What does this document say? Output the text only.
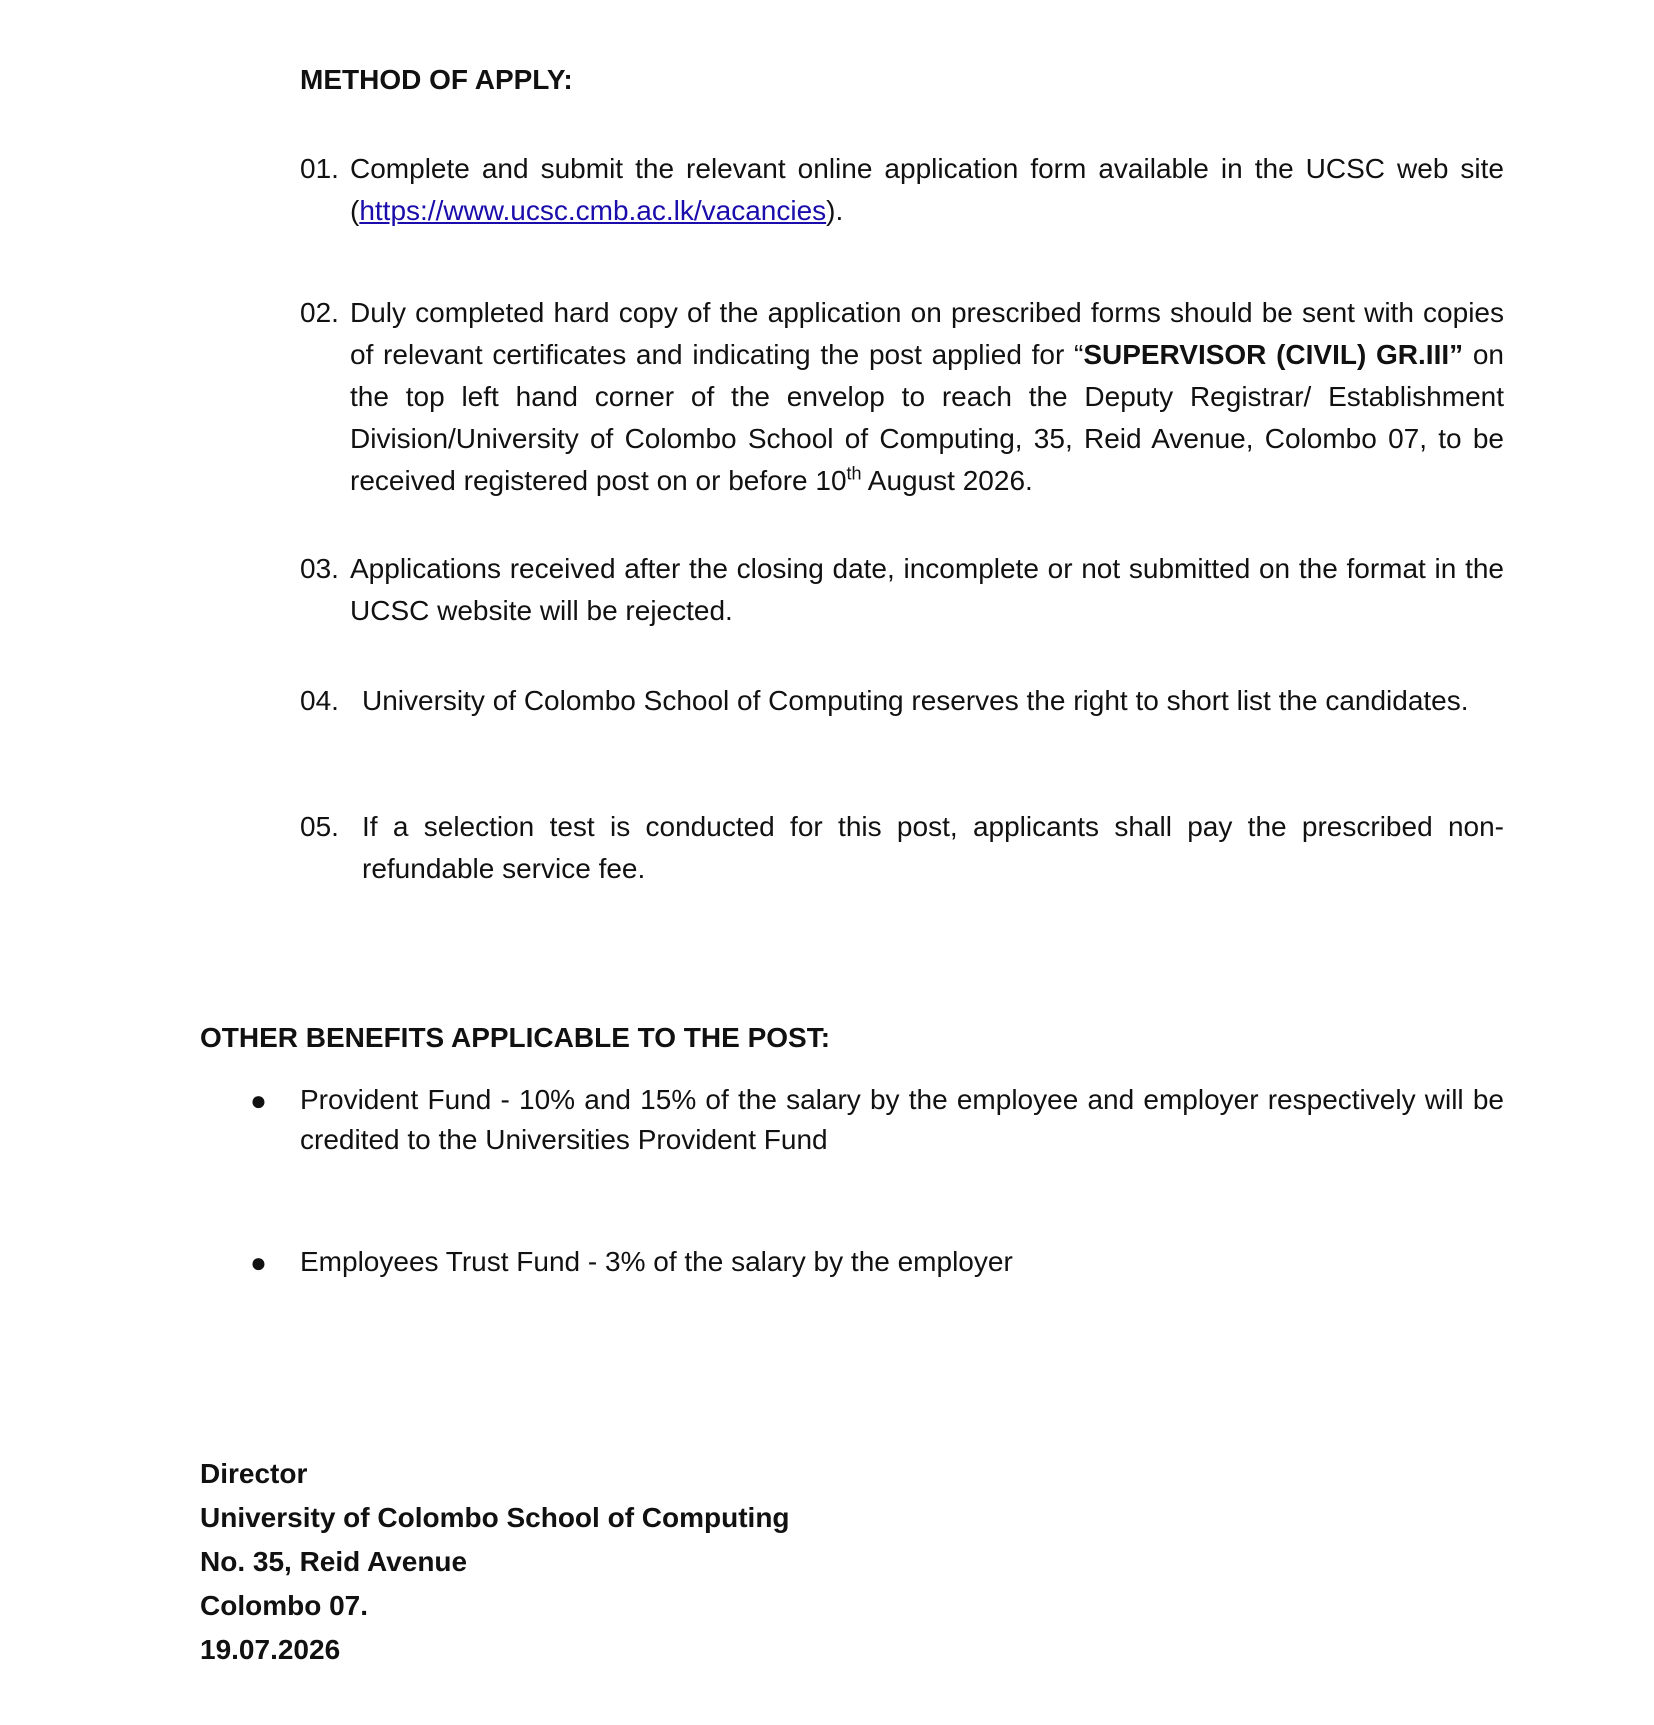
METHOD OF APPLY:
01. Complete and submit the relevant online application form available in the UCSC web site (https://www.ucsc.cmb.ac.lk/vacancies).
02. Duly completed hard copy of the application on prescribed forms should be sent with copies of relevant certificates and indicating the post applied for “SUPERVISOR (CIVIL) GR.III” on the top left hand corner of the envelop to reach the Deputy Registrar/ Establishment Division/University of Colombo School of Computing, 35, Reid Avenue, Colombo 07, to be received registered post on or before 10th August 2026.
03. Applications received after the closing date, incomplete or not submitted on the format in the UCSC website will be rejected.
04. University of Colombo School of Computing reserves the right to short list the candidates.
05. If a selection test is conducted for this post, applicants shall pay the prescribed non-refundable service fee.
OTHER BENEFITS APPLICABLE TO THE POST:
● Provident Fund - 10% and 15% of the salary by the employee and employer respectively will be credited to the Universities Provident Fund
● Employees Trust Fund - 3% of the salary by the employer
Director
University of Colombo School of Computing
No. 35, Reid Avenue
Colombo 07.
19.07.2026
